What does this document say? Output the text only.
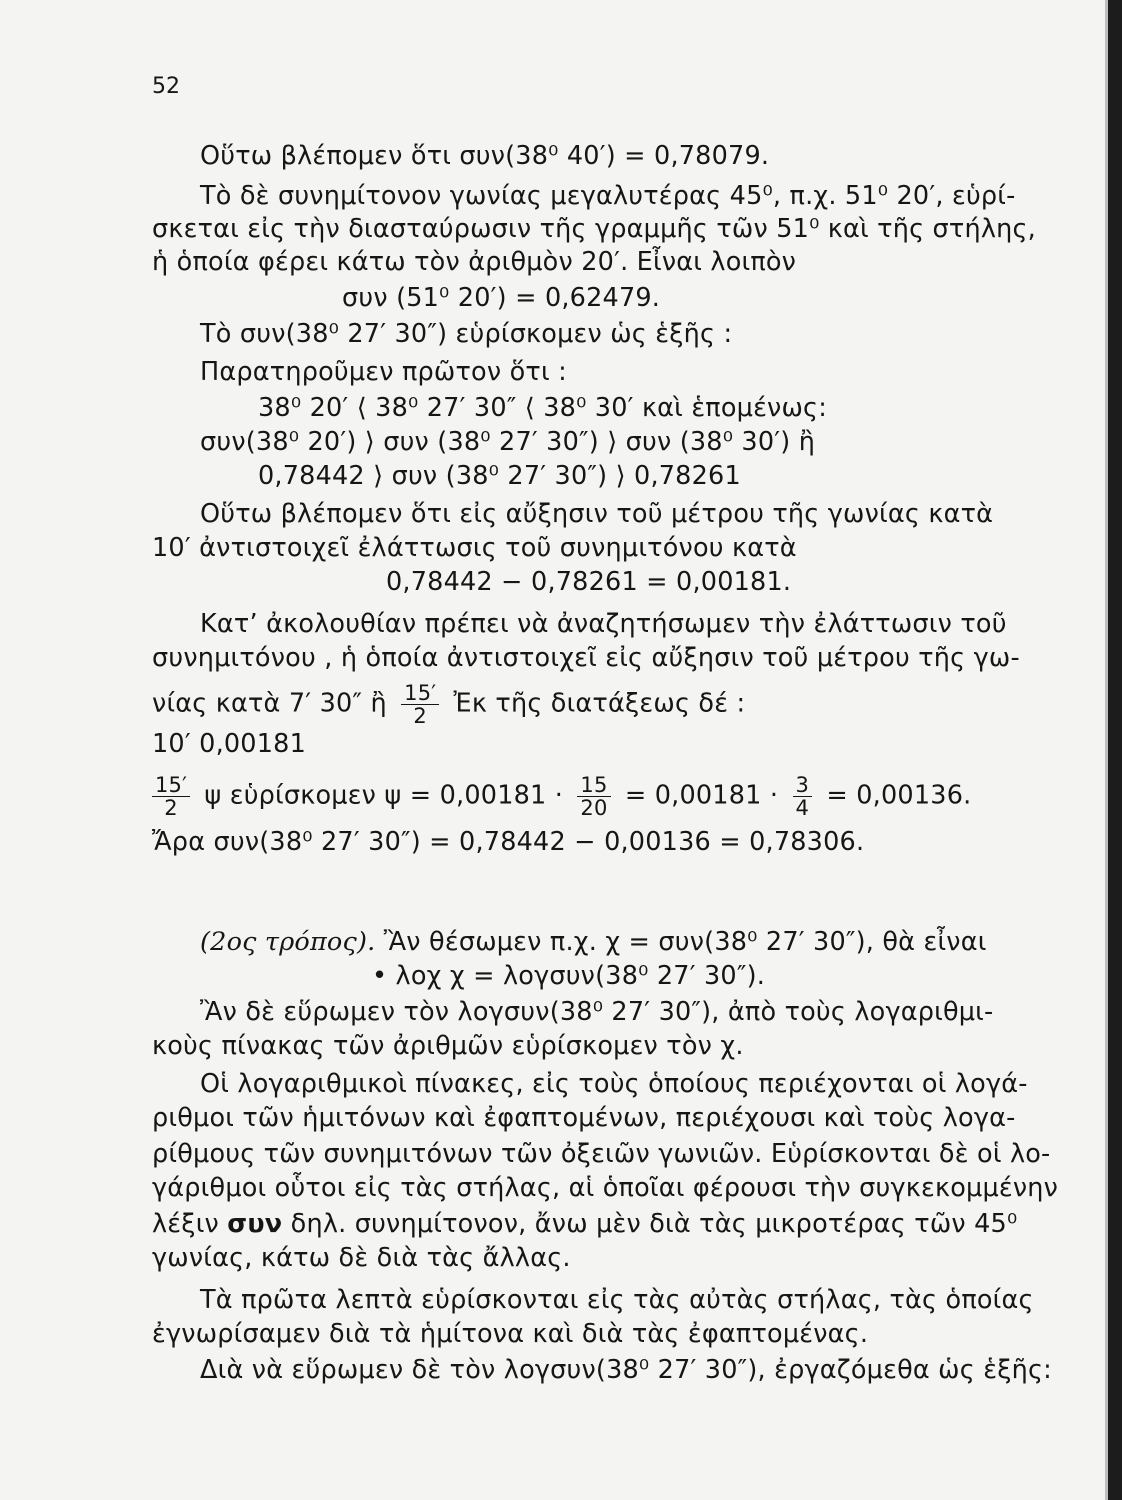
52
Οὕτω βλέπομεν ὅτι συν(38⁰ 40′) = 0,78079.
Τὸ δὲ συνημίτονον γωνίας μεγαλυτέρας 45⁰, π.χ. 51⁰ 20′, εὑρί-
σκεται εἰς τὴν διασταύρωσιν τῆς γραμμῆς τῶν 51⁰ καὶ τῆς στήλης,
ἡ ὁποία φέρει κάτω τὸν ἀριθμὸν 20′. Εἶναι λοιπὸν
συν (51⁰ 20′) = 0,62479.
Τὸ συν(38⁰ 27′ 30″) εὑρίσκομεν ὡς ἑξῆς :
Παρατηροῦμεν πρῶτον ὅτι :
38⁰ 20′ ⟨ 38⁰ 27′ 30″ ⟨ 38⁰ 30′ καὶ ἑπομένως:
συν(38⁰ 20′) ⟩ συν (38⁰ 27′ 30″) ⟩ συν (38⁰ 30′) ἢ
0,78442 ⟩ συν (38⁰ 27′ 30″) ⟩ 0,78261
Οὕτω βλέπομεν ὅτι εἰς αὔξησιν τοῦ μέτρου τῆς γωνίας κατὰ
10′ ἀντιστοιχεῖ ἐλάττωσις τοῦ συνημιτόνου κατὰ
0,78442 − 0,78261 = 0,00181.
Κατ’ ἀκολουθίαν πρέπει νὰ ἀναζητήσωμεν τὴν ἐλάττωσιν τοῦ
συνημιτόνου , ἡ ὁποία ἀντιστοιχεῖ εἰς αὔξησιν τοῦ μέτρου τῆς γω-
νίας κατὰ 7′ 30″ ἢ $\frac{15'}{2}$ Ἐκ τῆς διατάξεως δέ :
10′ 0,00181
$\frac{15'}{2}$ ψ εὑρίσκομεν $\psi = 0,00181 \cdot \frac{15}{20} = 0,00181 \cdot \frac{3}{4} = 0,00136$.
Ἄρα συν(38⁰ 27′ 30″) = 0,78442 − 0,00136 = 0,78306.
(2ος τρόπος). Ἂν θέσωμεν π.χ. χ = συν(38⁰ 27′ 30″), θὰ εἶναι
• λοχ χ = λογσυν(38⁰ 27′ 30″).
Ἂν δὲ εὕρωμεν τὸν λογσυν(38⁰ 27′ 30″), ἀπὸ τοὺς λογαριθμι-
κοὺς πίνακας τῶν ἀριθμῶν εὑρίσκομεν τὸν χ.
Οἱ λογαριθμικοὶ πίνακες, εἰς τοὺς ὁποίους περιέχονται οἱ λογά-
ριθμοι τῶν ἡμιτόνων καὶ ἐφαπτομένων, περιέχουσι καὶ τοὺς λογα-
ρίθμους τῶν συνημιτόνων τῶν ὀξειῶν γωνιῶν. Εὑρίσκονται δὲ οἱ λο-
γάριθμοι οὗτοι εἰς τὰς στήλας, αἱ ὁποῖαι φέρουσι τὴν συγκεκομμένην
λέξιν συν δηλ. συνημίτονον, ἄνω μὲν διὰ τὰς μικροτέρας τῶν 45⁰
γωνίας, κάτω δὲ διὰ τὰς ἄλλας.
Τὰ πρῶτα λεπτὰ εὑρίσκονται εἰς τὰς αὐτὰς στήλας, τὰς ὁποίας
ἐγνωρίσαμεν διὰ τὰ ἡμίτονα καὶ διὰ τὰς ἐφαπτομένας.
Διὰ νὰ εὕρωμεν δὲ τὸν λογσυν(38⁰ 27′ 30″), ἐργαζόμεθα ὡς ἑξῆς:
